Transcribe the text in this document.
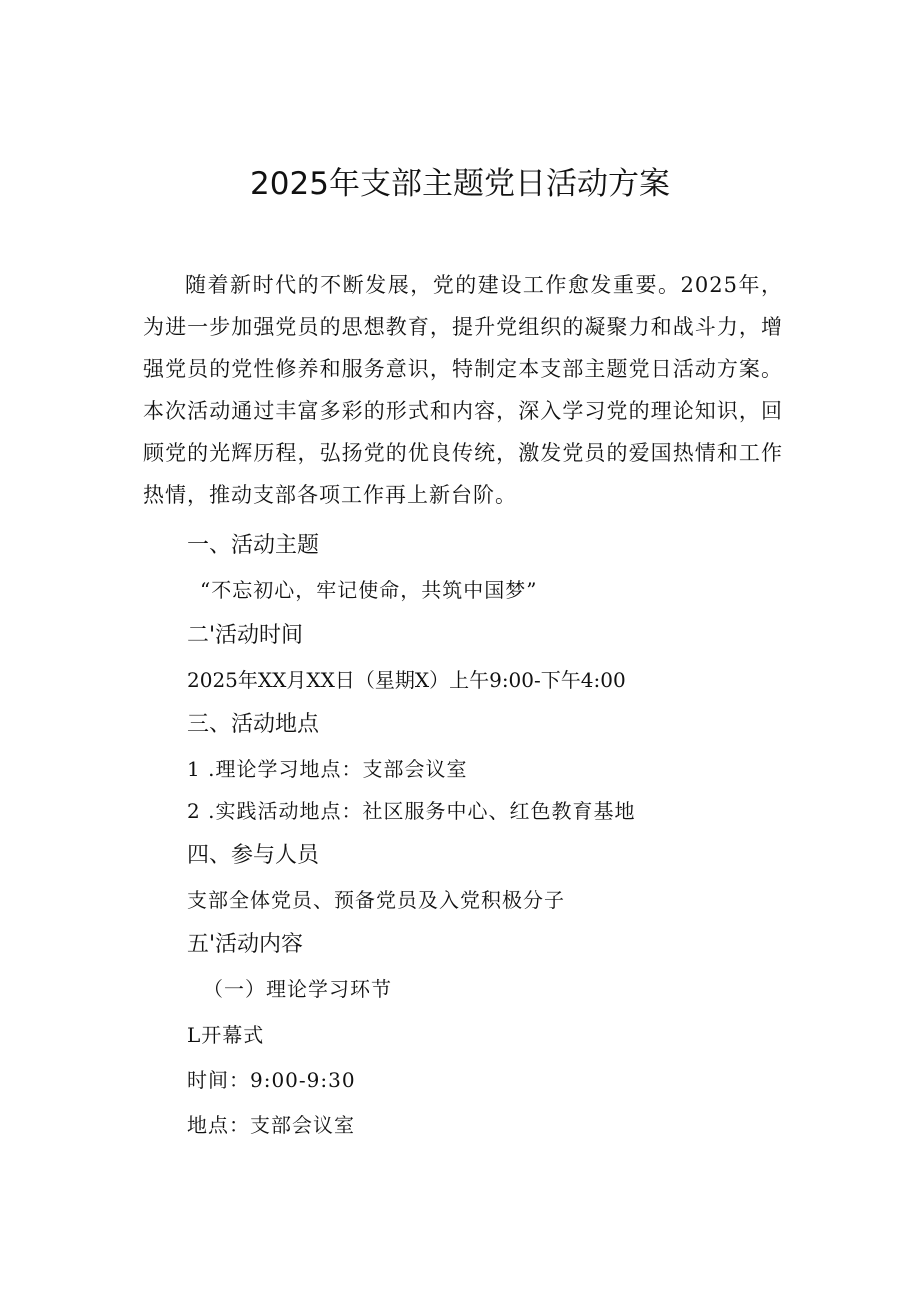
2025年支部主题党日活动方案

随着新时代的不断发展，党的建设工作愈发重要。2025年，为进一步加强党员的思想教育，提升党组织的凝聚力和战斗力，增强党员的党性修养和服务意识，特制定本支部主题党日活动方案。本次活动通过丰富多彩的形式和内容，深入学习党的理论知识，回顾党的光辉历程，弘扬党的优良传统，激发党员的爱国热情和工作热情，推动支部各项工作再上新台阶。

一、活动主题

“不忘初心，牢记使命，共筑中国梦”

二'活动时间

2025年XX月XX日（星期X）上午9:00-下午4:00

三、活动地点

1 .理论学习地点：支部会议室

2 .实践活动地点：社区服务中心、红色教育基地

四、参与人员

支部全体党员、预备党员及入党积极分子

五'活动内容

（一）理论学习环节

L开幕式

时间：9:00-9:30

地点：支部会议室
